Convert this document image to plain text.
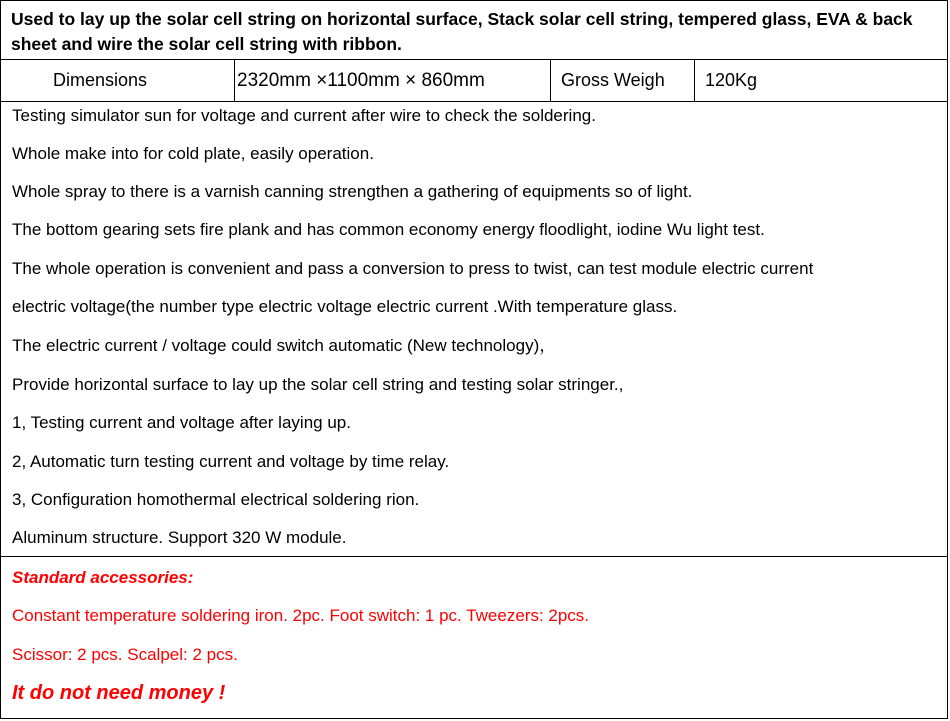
Used to lay up the solar cell string on horizontal surface, Stack solar cell string, tempered glass, EVA & back sheet and wire the solar cell string with ribbon.
Dimensions	2320mm ×1100mm × 860mm	Gross Weigh	120Kg
Testing simulator sun for voltage and current after wire to check the soldering.
Whole make into for cold plate, easily operation.
Whole spray to there is a varnish canning strengthen a gathering of equipments so of light.
The bottom gearing sets fire plank and has common economy energy floodlight, iodine Wu light test.
The whole operation is convenient and pass a conversion to press to twist, can test module electric current
electric voltage(the number type electric voltage electric current .With temperature glass.
The electric current / voltage could switch automatic (New technology)，
Provide horizontal surface to lay up the solar cell string and testing solar stringer.,
1, Testing current and voltage after laying up.
2, Automatic turn testing current and voltage by time relay.
3, Configuration homothermal electrical soldering rion.
Aluminum structure. Support 320 W module.
Standard accessories:
Constant temperature soldering iron. 2pc. Foot switch: 1 pc. Tweezers: 2pcs.
Scissor: 2 pcs. Scalpel: 2 pcs.
It do not need money !
